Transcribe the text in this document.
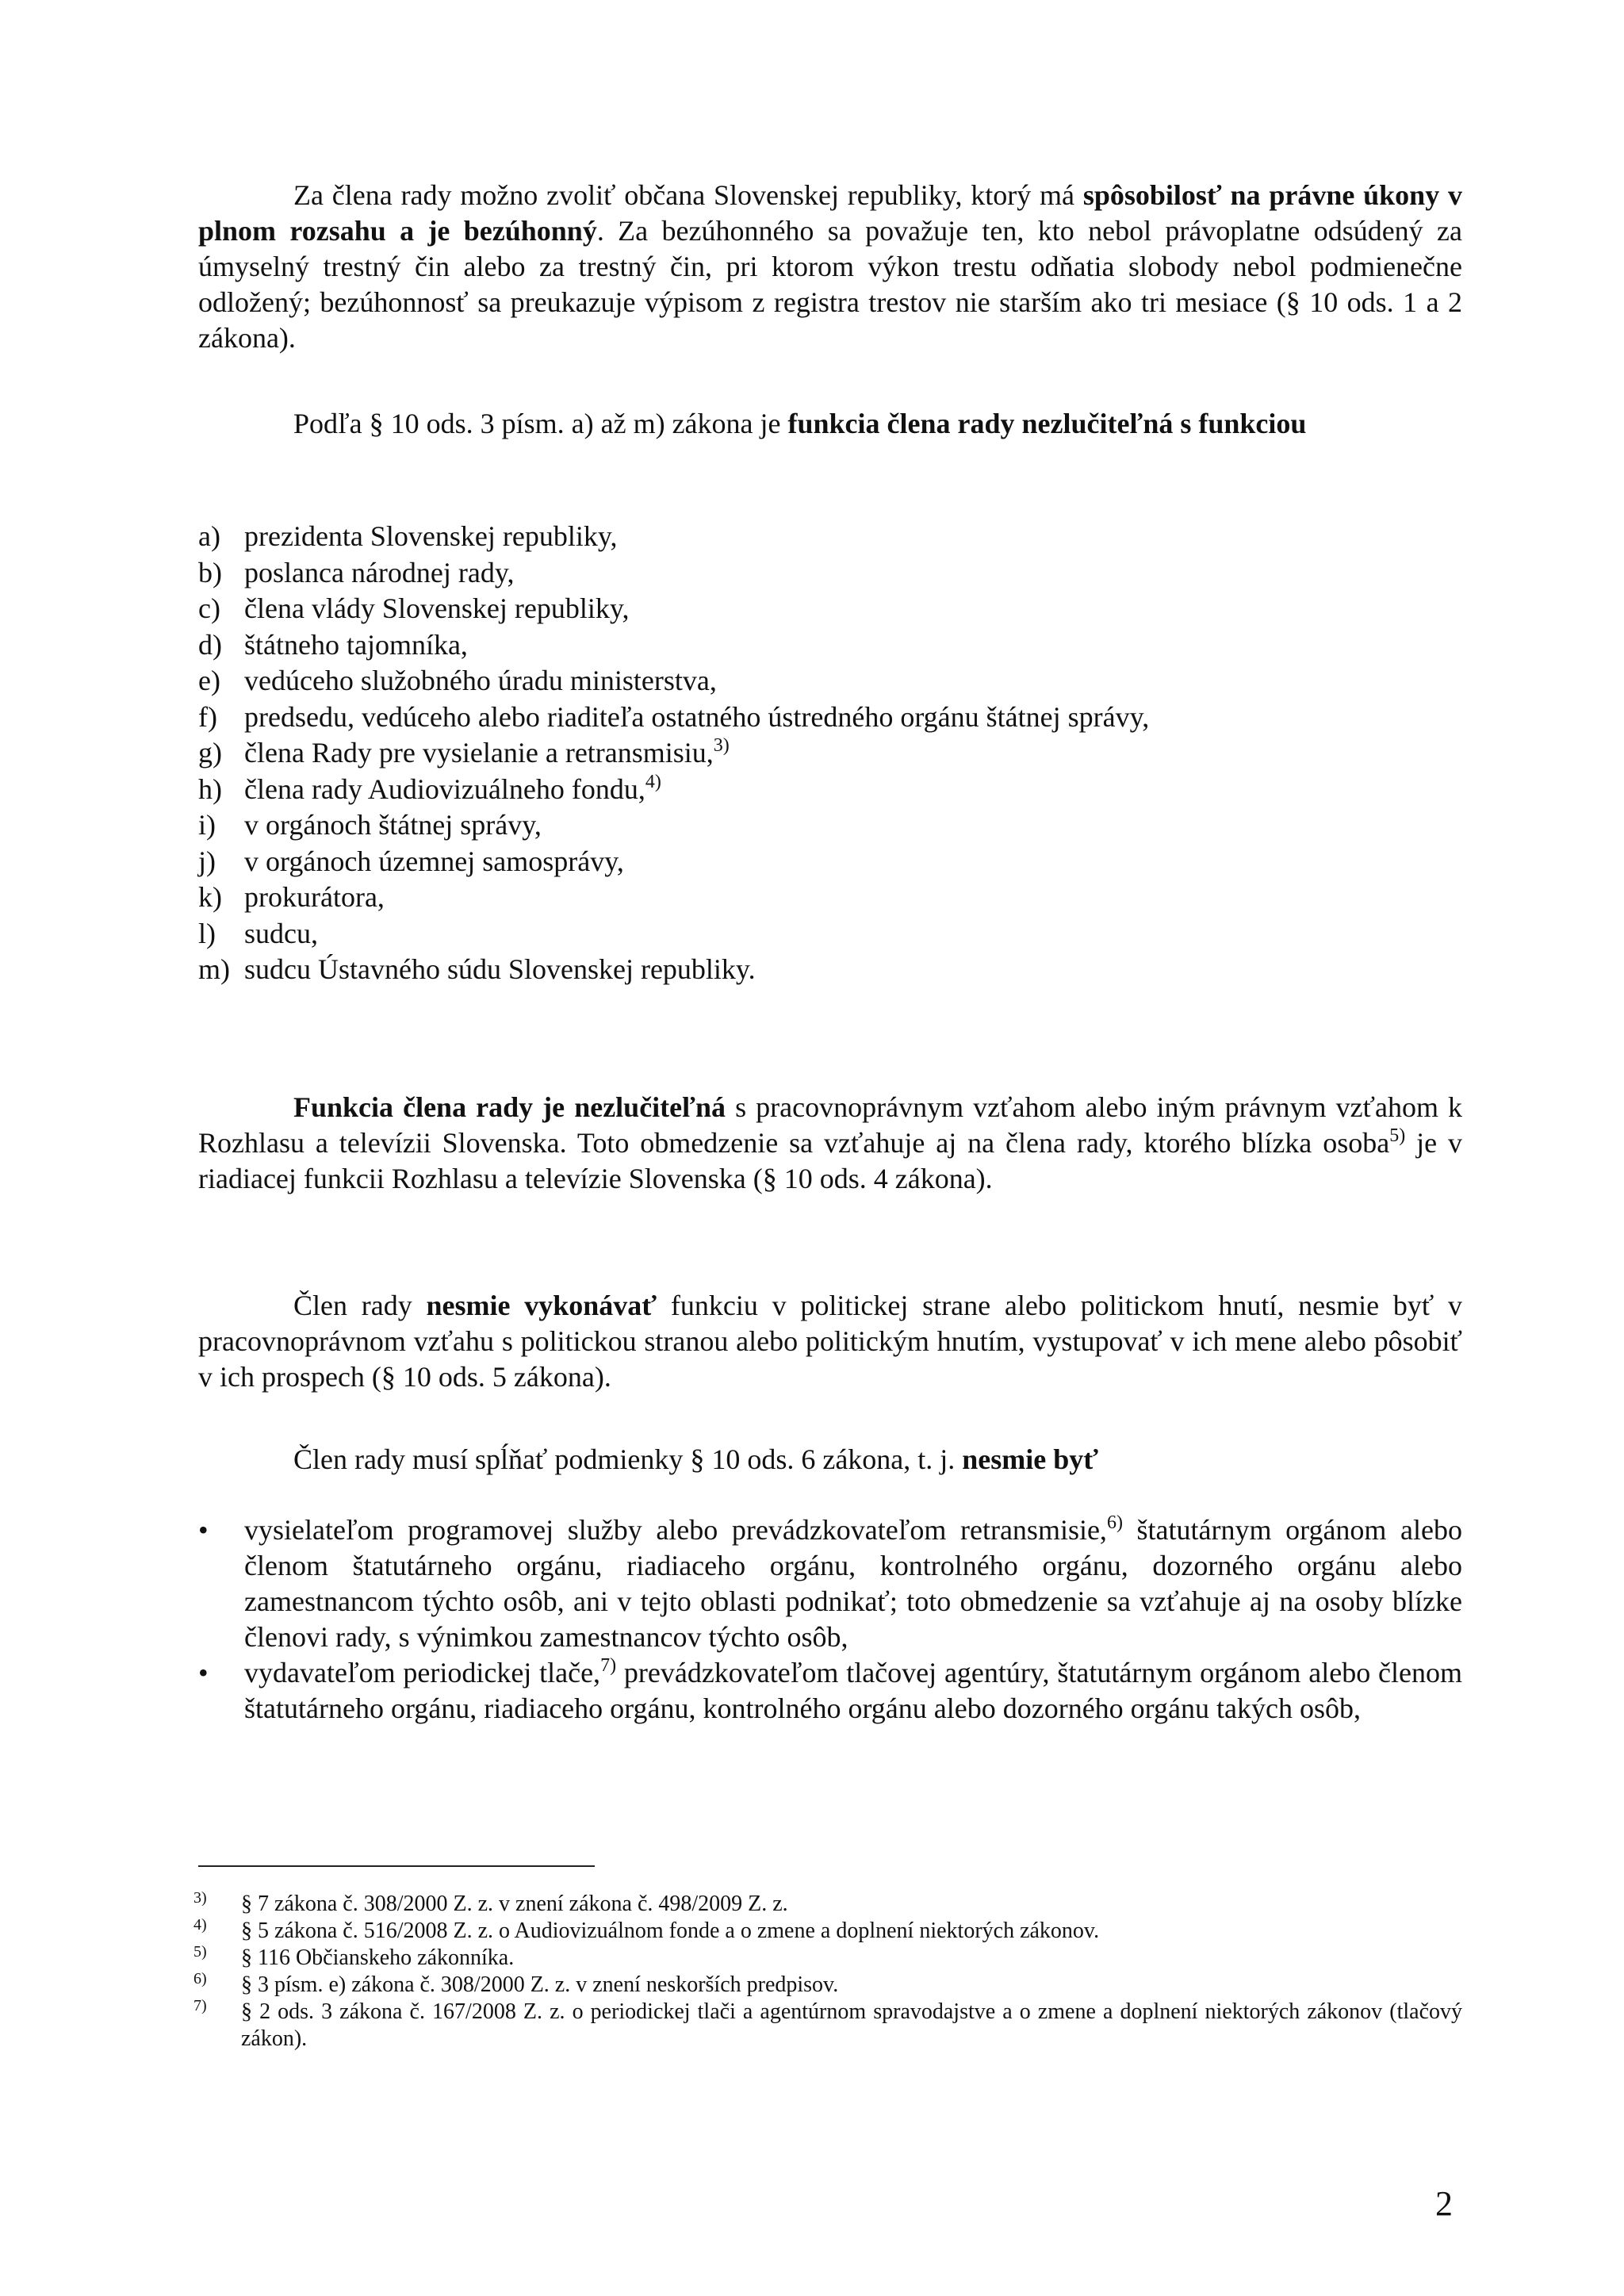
Za člena rady možno zvoliť občana Slovenskej republiky, ktorý má spôsobilosť na právne úkony v plnom rozsahu a je bezúhonný. Za bezúhonného sa považuje ten, kto nebol právoplatne odsúdený za úmyselný trestný čin alebo za trestný čin, pri ktorom výkon trestu odňatia slobody nebol podmienečne odložený; bezúhonnosť sa preukazuje výpisom z registra trestov nie starším ako tri mesiace (§ 10 ods. 1 a 2 zákona).

Podľa § 10 ods. 3 písm. a) až m) zákona je funkcia člena rady nezlučiteľná s funkciou

a) prezidenta Slovenskej republiky,
b) poslanca národnej rady,
c) člena vlády Slovenskej republiky,
d) štátneho tajomníka,
e) vedúceho služobného úradu ministerstva,
f) predsedu, vedúceho alebo riaditeľa ostatného ústredného orgánu štátnej správy,
g) člena Rady pre vysielanie a retransmisiu,$^{3)}$
h) člena rady Audiovizuálneho fondu,$^{4)}$
i) v orgánoch štátnej správy,
j) v orgánoch územnej samosprávy,
k) prokurátora,
l) sudcu,
m) sudcu Ústavného súdu Slovenskej republiky.

Funkcia člena rady je nezlučiteľná s pracovnoprávnym vzťahom alebo iným právnym vzťahom k Rozhlasu a televízii Slovenska. Toto obmedzenie sa vzťahuje aj na člena rady, ktorého blízka osoba$^{5)}$ je v riadiacej funkcii Rozhlasu a televízie Slovenska (§ 10 ods. 4 zákona).

Člen rady nesmie vykonávať funkciu v politickej strane alebo politickom hnutí, nesmie byť v pracovnoprávnom vzťahu s politickou stranou alebo politickým hnutím, vystupovať v ich mene alebo pôsobiť v ich prospech (§ 10 ods. 5 zákona).

Člen rady musí spĺňať podmienky § 10 ods. 6 zákona, t. j. nesmie byť

• vysielateľom programovej služby alebo prevádzkovateľom retransmisie,$^{6)}$ štatutárnym orgánom alebo členom štatutárneho orgánu, riadiaceho orgánu, kontrolného orgánu, dozorného orgánu alebo zamestnancom týchto osôb, ani v tejto oblasti podnikať; toto obmedzenie sa vzťahuje aj na osoby blízke členovi rady, s výnimkou zamestnancov týchto osôb,
• vydavateľom periodickej tlače,$^{7)}$ prevádzkovateľom tlačovej agentúry, štatutárnym orgánom alebo členom štatutárneho orgánu, riadiaceho orgánu, kontrolného orgánu alebo dozorného orgánu takých osôb,
3) § 7 zákona č. 308/2000 Z. z. v znení zákona č. 498/2009 Z. z.
4) § 5 zákona č. 516/2008 Z. z. o Audiovizuálnom fonde a o zmene a doplnení niektorých zákonov.
5) § 116 Občianskeho zákonníka.
6) § 3 písm. e) zákona č. 308/2000 Z. z. v znení neskorších predpisov.
7) § 2 ods. 3 zákona č. 167/2008 Z. z. o periodickej tlači a agentúrnom spravodajstve a o zmene a doplnení niektorých zákonov (tlačový zákon).
2
